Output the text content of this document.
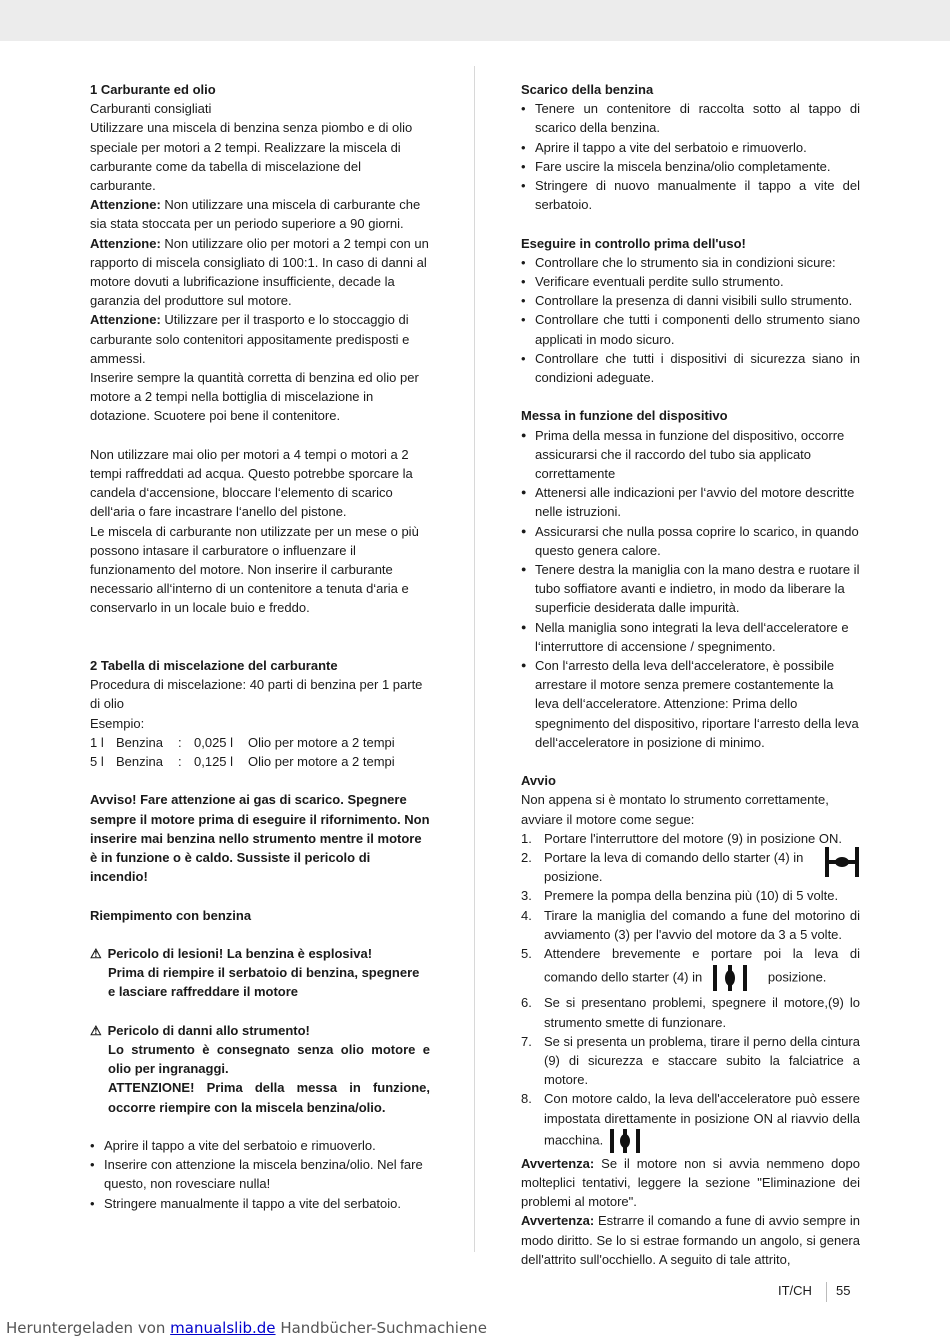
1 Carburante ed olio

Carburanti consigliati

Utilizzare una miscela di benzina senza piombo e di olio speciale per motori a 2 tempi. Realizzare la miscela di carburante come da tabella di miscelazione del carburante.

Attenzione: Non utilizzare una miscela di carburante che sia stata stoccata per un periodo superiore a 90 giorni.

Attenzione: Non utilizzare olio per motori a 2 tempi con un rapporto di miscela consigliato di 100:1. In caso di danni al motore dovuti a lubrificazione insufficiente, decade la garanzia del produttore sul motore.

Attenzione: Utilizzare per il trasporto e lo stoccaggio di carburante solo contenitori appositamente predisposti e ammessi.

Inserire sempre la quantità corretta di benzina ed olio per motore a 2 tempi nella bottiglia di miscelazione in dotazione. Scuotere poi bene il contenitore.

Non utilizzare mai olio per motori a 4 tempi o motori a 2 tempi raffreddati ad acqua. Questo potrebbe sporcare la candela d‘accensione, bloccare l‘elemento di scarico dell‘aria o fare incastrare l‘anello del pistone.

Le miscela di carburante non utilizzate per un mese o più possono intasare il carburatore o influenzare il funzionamento del motore. Non inserire il carburante necessario all‘interno di un contenitore a tenuta d‘aria e conservarlo in un locale buio e freddo.

2 Tabella di miscelazione del carburante

Procedura di miscelazione: 40 parti di benzina per 1 parte di olio

Esempio:

1 l Benzina	: 0,025 l	Olio per motore a 2 tempi
5 l Benzina	: 0,125 l	Olio per motore a 2 tempi

Avviso! Fare attenzione ai gas di scarico. Spegnere sempre il motore prima di eseguire il rifornimento. Non inserire mai benzina nello strumento mentre il motore è in funzione o è caldo. Sussiste il pericolo di incendio!

Riempimento con benzina

⚠ Pericolo di lesioni! La benzina è esplosiva!

Prima di riempire il serbatoio di benzina, spegnere e lasciare raffreddare il motore

⚠ Pericolo di danni allo strumento!

Lo strumento è consegnato senza olio motore e olio per ingranaggi.

ATTENZIONE! Prima della messa in funzione, occorre riempire con la miscela benzina/olio.

• Aprire il tappo a vite del serbatoio e rimuoverlo.

• Inserire con attenzione la miscela benzina/olio. Nel fare questo, non rovesciare nulla!

• Stringere manualmente il tappo a vite del serbatoio.

Scarico della benzina

• Tenere un contenitore di raccolta sotto al tappo di scarico della benzina.

• Aprire il tappo a vite del serbatoio e rimuoverlo.

• Fare uscire la miscela benzina/olio completamente.

• Stringere di nuovo manualmente il tappo a vite del serbatoio.

Eseguire in controllo prima dell'uso!

• Controllare che lo strumento sia in condizioni sicure:

• Verificare eventuali perdite sullo strumento.

• Controllare la presenza di danni visibili sullo strumento.

• Controllare che tutti i componenti dello strumento siano applicati in modo sicuro.

• Controllare che tutti i dispositivi di sicurezza siano in condizioni adeguate.

Messa in funzione del dispositivo

● Prima della messa in funzione del dispositivo, occorre assicurarsi che il raccordo del tubo sia applicato correttamente

● Attenersi alle indicazioni per l‘avvio del motore descritte nelle istruzioni.

● Assicurarsi che nulla possa coprire lo scarico, in quando questo genera calore.

● Tenere destra la maniglia con la mano destra e ruotare il tubo soffiatore avanti e indietro, in modo da liberare la superficie desiderata dalle impurità.

● Nella maniglia sono integrati la leva dell‘acceleratore e l‘interruttore di accensione / spegnimento.

● Con l‘arresto della leva dell‘acceleratore, è possibile arrestare il motore senza premere costantemente la leva dell‘acceleratore. Attenzione: Prima dello spegnimento del dispositivo, riportare l‘arresto della leva dell‘acceleratore in posizione di minimo.

Avvio

Non appena si è montato lo strumento correttamente, avviare il motore come segue:

1. Portare l'interruttore del motore (9) in posizione ON.

2. Portare la leva di comando dello starter (4) in posizione.

3. Premere la pompa della benzina più (10) di 5 volte.

4. Tirare la maniglia del comando a fune del motorino di avviamento (3) per l'avvio del motore da 3 a 5 volte.

5. Attendere brevemente e portare poi la leva di comando dello starter (4) in	posizione.

6. Se si presentano problemi, spegnere il motore,(9) lo strumento smette di funzionare.

7. Se si presenta un problema, tirare il perno della cintura (9) di sicurezza e staccare subito la falciatrice a motore.

8. Con motore caldo, la leva dell'acceleratore può essere impostata direttamente in posizione ON al riavvio della macchina.

Avvertenza: Se il motore non si avvia nemmeno dopo molteplici tentativi, leggere la sezione "Eliminazione dei problemi al motore".

Avvertenza: Estrarre il comando a fune di avvio sempre in modo diritto. Se lo si estrae formando un angolo, si genera dell'attrito sull'occhiello. A seguito di tale attrito,

IT/CH 55
Heruntergeladen von manualslib.de Handbücher-Suchmachiene
